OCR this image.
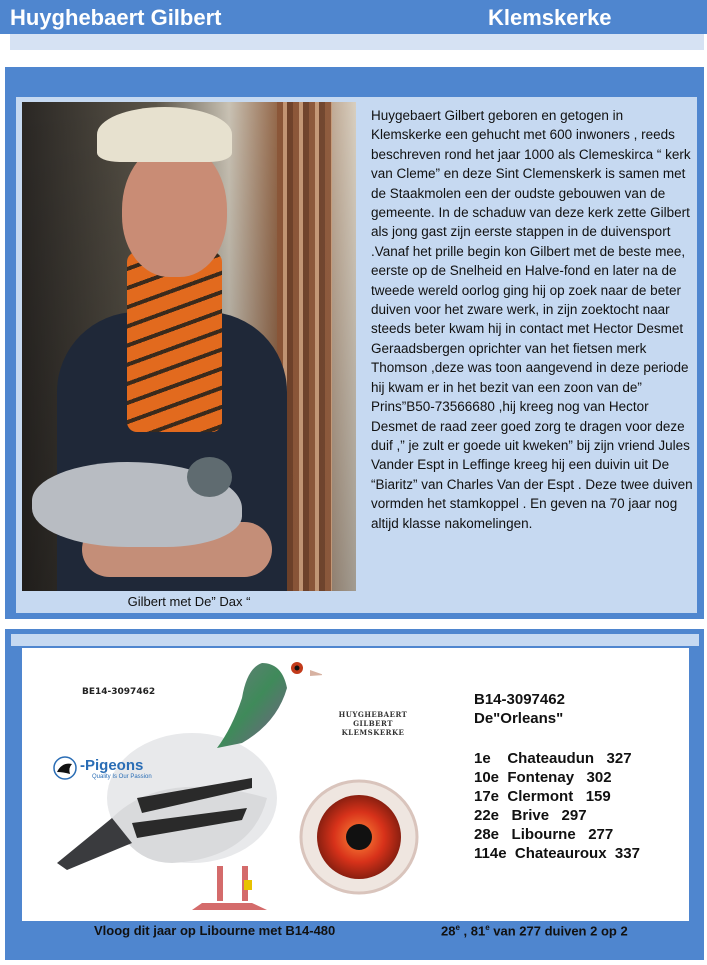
Huyghebaert Gilbert	Klemskerke
Gilbert met De” Dax “
Huygebaert Gilbert geboren en getogen in Klemskerke een gehucht met 600 inwoners , reeds beschreven rond het jaar 1000 als Clemeskirca “ kerk van Cleme” en deze Sint Clemenskerk is samen met de Staakmolen een der oudste gebouwen van de gemeente. In de schaduw van deze kerk zette Gilbert als jong gast zijn eerste stappen in de duivensport .Vanaf het prille begin kon Gilbert met de beste mee, eerste op de Snelheid en Halve-fond en later na de tweede wereld oorlog ging hij op zoek naar de beter duiven voor het zware werk, in zijn zoektocht naar steeds beter kwam hij in contact met Hector Desmet Geraadsbergen oprichter van het fietsen merk Thomson ,deze was toon aangevend in deze periode hij kwam er in het bezit van een zoon van de” Prins”B50-73566680 ,hij kreeg nog van Hector Desmet de raad zeer goed zorg te dragen voor deze duif ,” je zult er goede uit kweken” bij zijn vriend Jules Vander Espt in Leffinge kreeg hij een duivin uit De “Biaritz” van Charles Van der Espt . Deze twee duiven vormden het stamkoppel . En geven na 70 jaar nog altijd klasse nakomelingen.
BE14-3097462
HUYGHEBAERT GILBERT
KLEMSKERKE
-Pigeons
Quality Is Our Passion
B14-3097462
De"Orleans"
1e    Chateaudun   327
10e  Fontenay   302
17e  Clermont   159
22e   Brive   297
28e   Libourne   277
114e  Chateauroux  337
Vloog dit jaar op Libourne met B14-480	28e , 81e van 277 duiven 2 op 2
